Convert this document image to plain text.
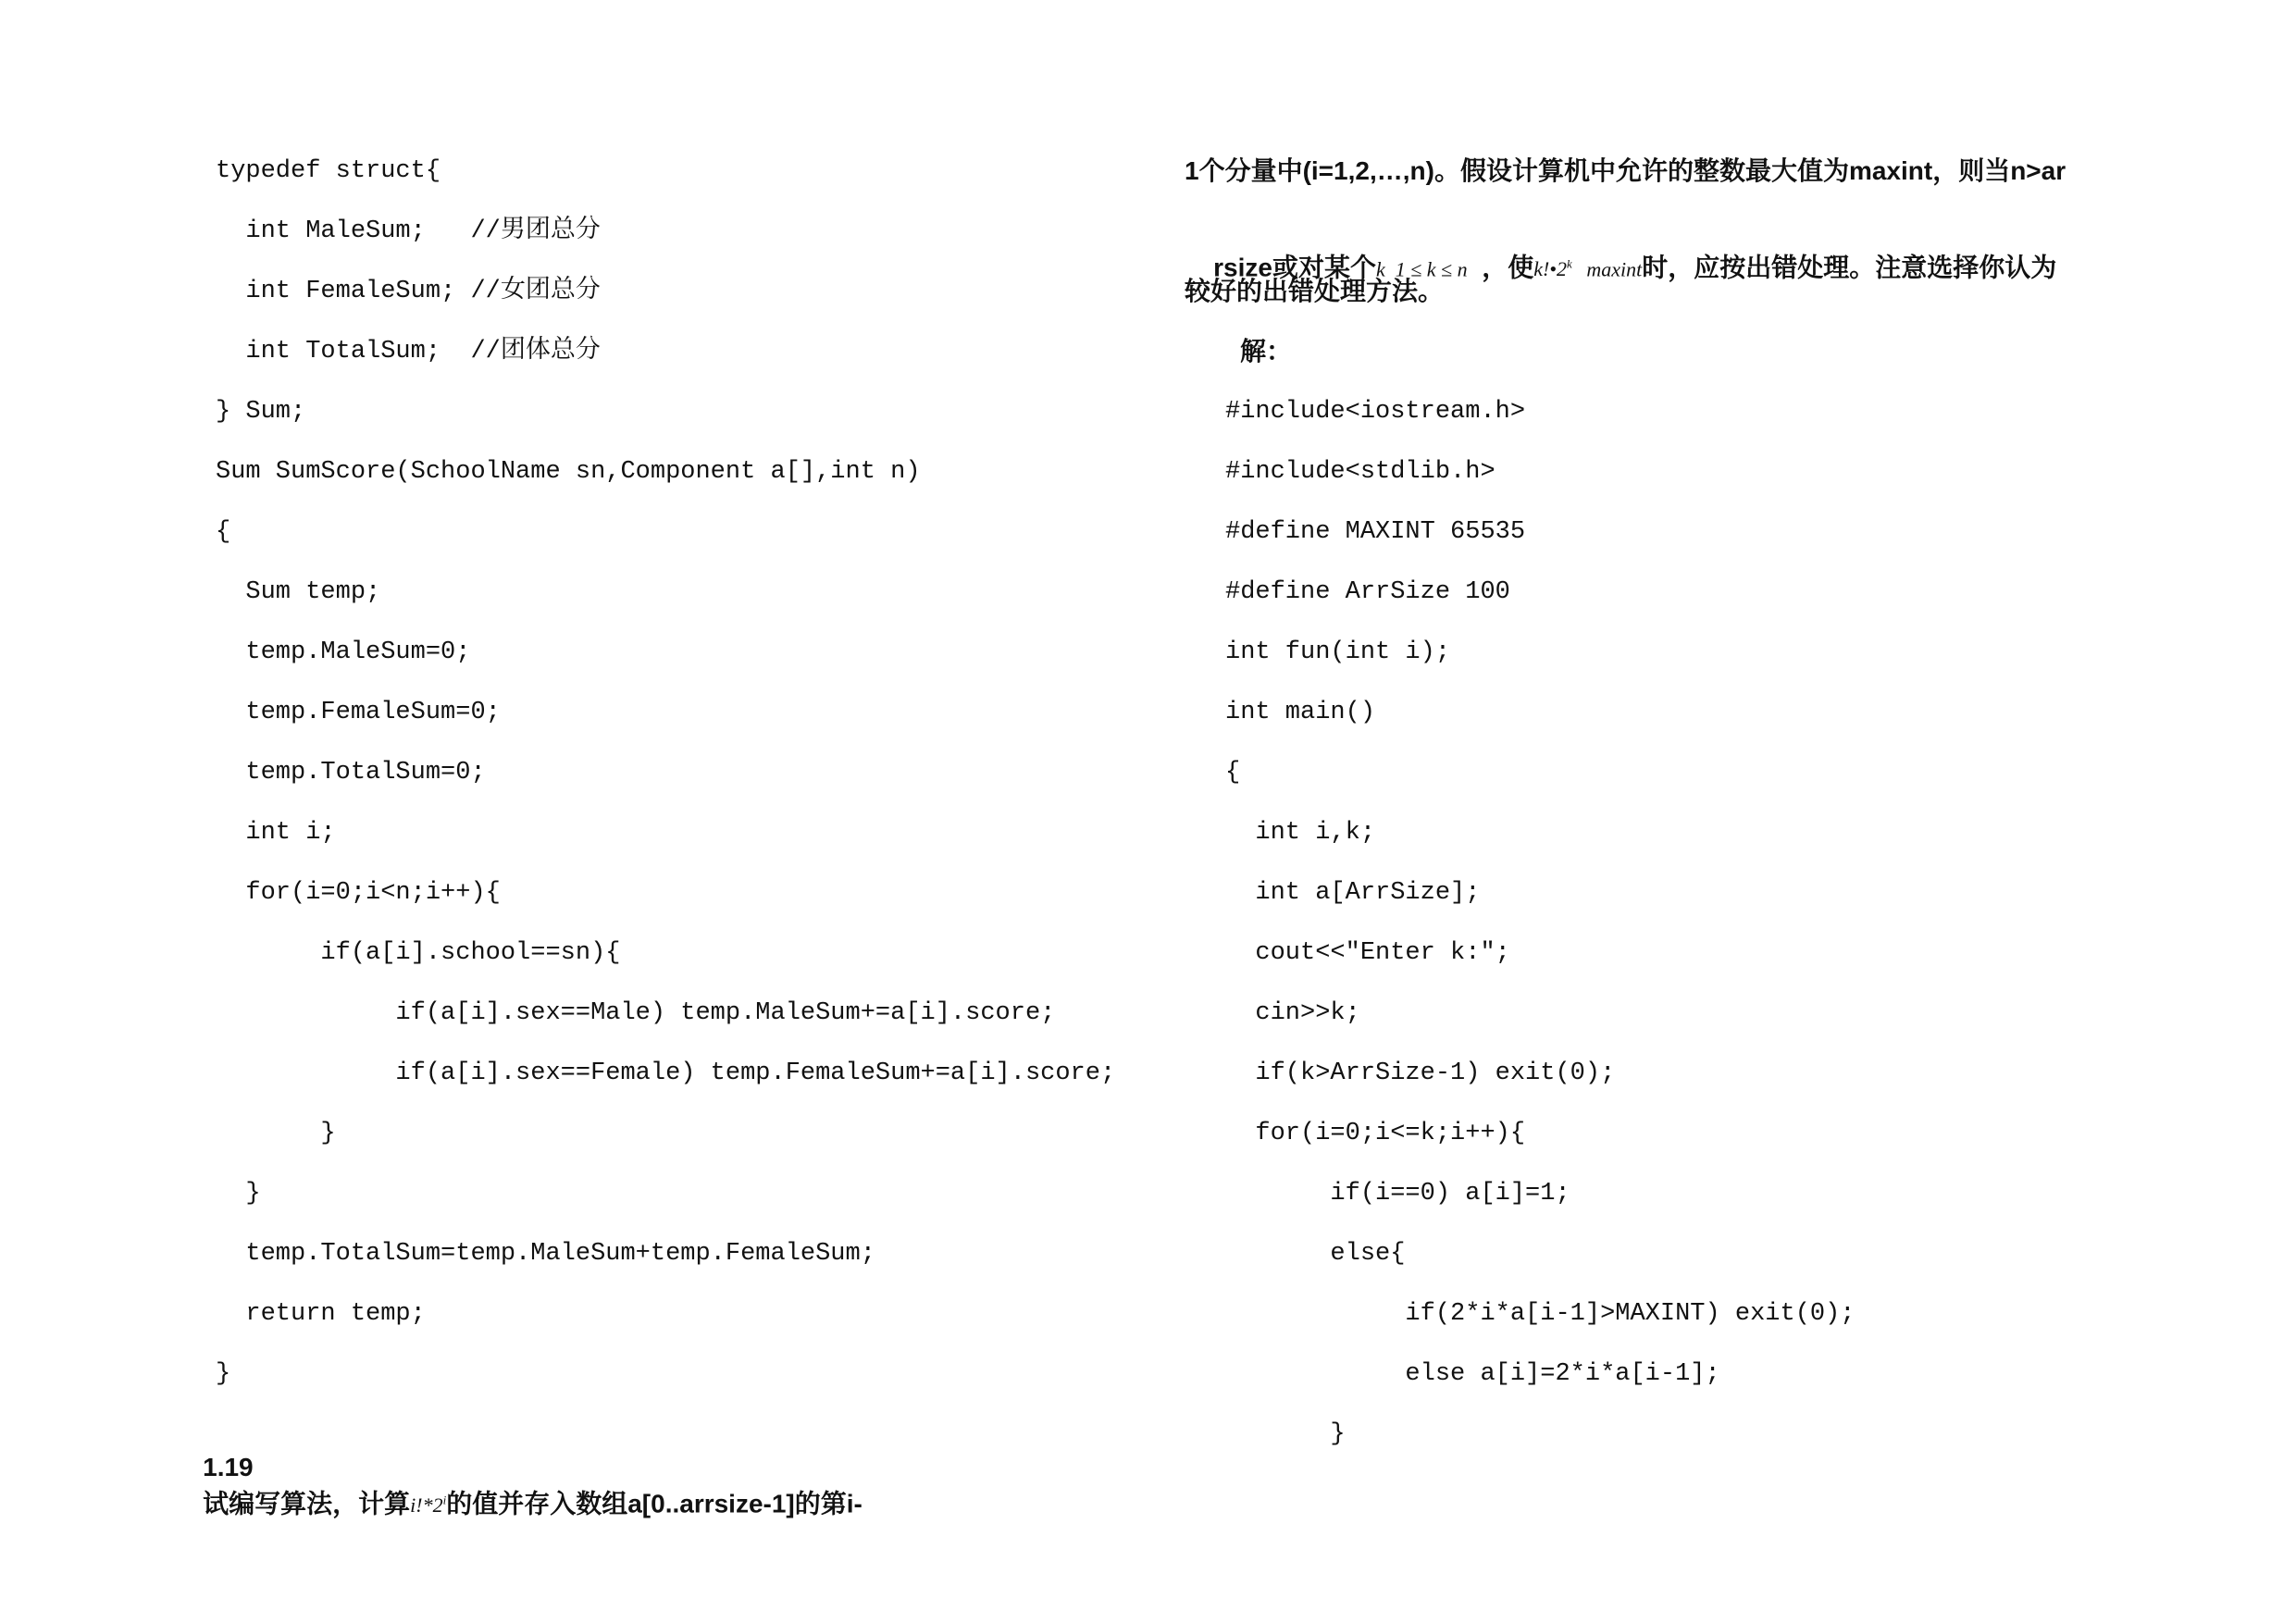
typedef struct{
int MaleSum;   //男团总分
int FemaleSum; //女团总分
int TotalSum;  //团体总分
} Sum;
Sum SumScore(SchoolName sn,Component a[],int n)
{
Sum temp;
temp.MaleSum=0;
temp.FemaleSum=0;
temp.TotalSum=0;
int i;
for(i=0;i<n;i++){
if(a[i].school==sn){
if(a[i].sex==Male) temp.MaleSum+=a[i].score;
if(a[i].sex==Female) temp.FemaleSum+=a[i].score;
}
}
temp.TotalSum=temp.MaleSum+temp.FemaleSum;
return temp;
}

1.19
试编写算法，计算i!*2$^i$的值并存入数组a[0..arrsize-1]的第i-

1个分量中(i=1,2,…,n)。假设计算机中允许的整数最大值为maxint，则当n>ar

rsize或对某个k  1 ≤ k ≤ n ，使k!•2$^k$ maxint时，应按出错处理。注意选择你认为

较好的出错处理方法。
解：
#include<iostream.h>
#include<stdlib.h>
#define MAXINT 65535
#define ArrSize 100
int fun(int i);
int main()
{
int i,k;
int a[ArrSize];
cout<<"Enter k:";
cin>>k;
if(k>ArrSize-1) exit(0);
for(i=0;i<=k;i++){
if(i==0) a[i]=1;
else{
if(2*i*a[i-1]>MAXINT) exit(0);
else a[i]=2*i*a[i-1];
}
